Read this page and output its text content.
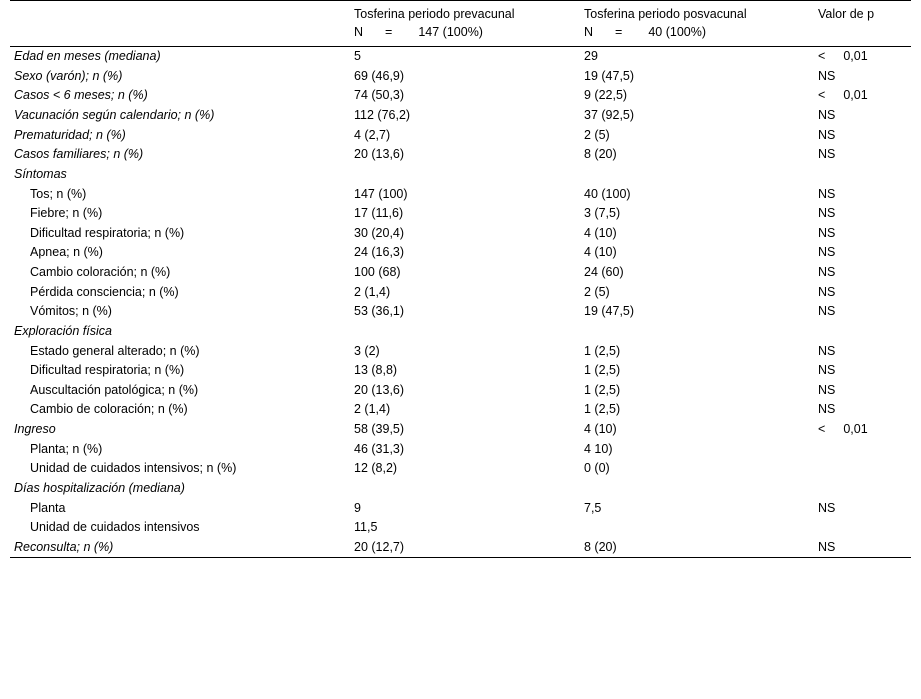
	Tosferina periodo prevacunal	Tosferina periodo posvacunal	Valor de p
	N = 147 (100%)	N = 40 (100%)	
Edad en meses (mediana)	5	29	< 0,01
Sexo (varón); n (%)	69 (46,9)	19 (47,5)	NS
Casos < 6 meses; n (%)	74 (50,3)	9 (22,5)	< 0,01
Vacunación según calendario; n (%)	112 (76,2)	37 (92,5)	NS
Prematuridad; n (%)	4 (2,7)	2 (5)	NS
Casos familiares; n (%)	20 (13,6)	8 (20)	NS
Síntomas			
Tos; n (%)	147 (100)	40 (100)	NS
Fiebre; n (%)	17 (11,6)	3 (7,5)	NS
Dificultad respiratoria; n (%)	30 (20,4)	4 (10)	NS
Apnea; n (%)	24 (16,3)	4 (10)	NS
Cambio coloración; n (%)	100 (68)	24 (60)	NS
Pérdida consciencia; n (%)	2 (1,4)	2 (5)	NS
Vómitos; n (%)	53 (36,1)	19 (47,5)	NS
Exploración física			
Estado general alterado; n (%)	3 (2)	1 (2,5)	NS
Dificultad respiratoria; n (%)	13 (8,8)	1 (2,5)	NS
Auscultación patológica; n (%)	20 (13,6)	1 (2,5)	NS
Cambio de coloración; n (%)	2 (1,4)	1 (2,5)	NS
Ingreso	58 (39,5)	4 (10)	< 0,01
Planta; n (%)	46 (31,3)	4 10)	
Unidad de cuidados intensivos; n (%)	12 (8,2)	0 (0)	
Días hospitalización (mediana)			
Planta	9	7,5	NS
Unidad de cuidados intensivos	11,5		
Reconsulta; n (%)	20 (12,7)	8 (20)	NS
